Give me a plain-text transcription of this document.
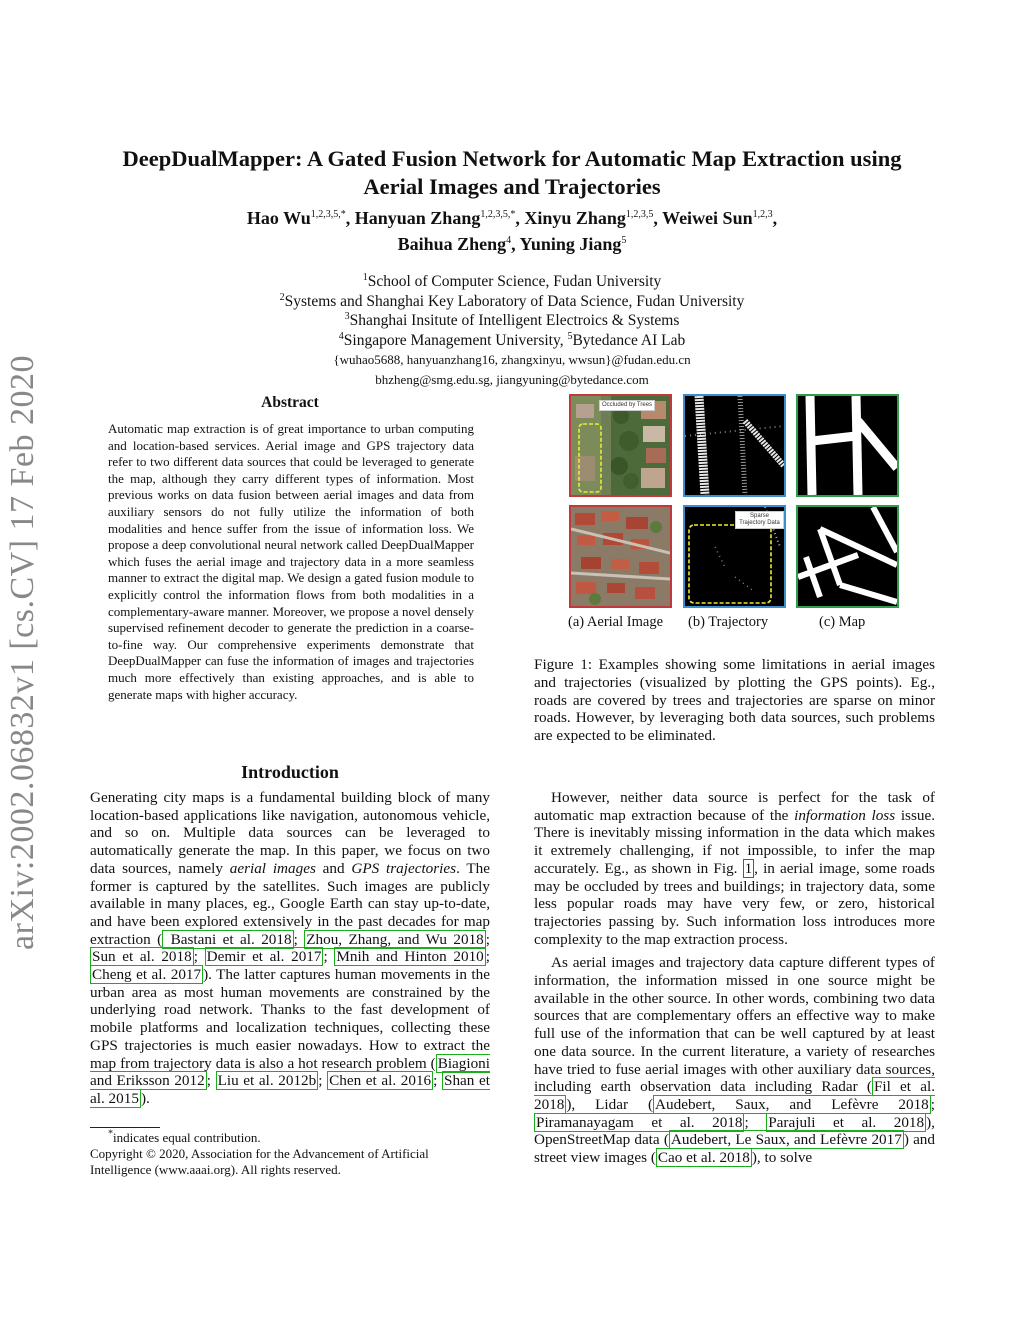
arXiv:2002.06832v1 [cs.CV] 17 Feb 2020
DeepDualMapper: A Gated Fusion Network for Automatic Map Extraction using
Aerial Images and Trajectories
Hao $Wu^{1,2,3,5,*}$, Hanyuan Zhang$^{1,2,3,5,*}$, Xinyu Zhang$^{1,2,3,5}$, Weiwei Sun$^{1,2,3}$,
Baihua Zheng$^4$, Yuning Jiang$^5$
$^1$School of Computer Science, Fudan University
$^2$Systems and Shanghai Key Laboratory of Data Science, Fudan University
$^3$Shanghai Insitute of Intelligent Electroics & Systems
$^4$Singapore Management University, $^5$Bytedance AI Lab
{wuhao5688, hanyuanzhang16, zhangxinyu, wwsun}@fudan.edu.cn
bhzheng@smg.edu.sg, jiangyuning@bytedance.com
Abstract
Automatic map extraction is of great importance to urban computing and location-based services. Aerial image and GPS trajectory data refer to two different data sources that could be leveraged to generate the map, although they carry different types of information. Most previous works on data fusion between aerial images and data from auxiliary sensors do not fully utilize the information of both modalities and hence suffer from the issue of information loss. We propose a deep convolutional neural network called DeepDualMapper which fuses the aerial image and trajectory data in a more seamless manner to extract the digital map. We design a gated fusion module to explicitly control the information flows from both modalities in a complementary-aware manner. Moreover, we propose a novel densely supervised refinement decoder to generate the prediction in a coarse-to-fine way. Our comprehensive experiments demonstrate that DeepDualMapper can fuse the information of images and trajectories much more effectively than existing approaches, and is able to generate maps with higher accuracy.
Introduction
Generating city maps is a fundamental building block of many location-based applications like navigation, autonomous vehicle, and so on. Multiple data sources can be leveraged to automatically generate the map. In this paper, we focus on two data sources, namely aerial images and GPS trajectories. The former is captured by the satellites. Such images are publicly available in many places, eg., Google Earth can stay up-to-date, and have been explored extensively in the past decades for map extraction ( Bastani et al. 2018 ; Zhou, Zhang, and Wu 2018 ; Sun et al. 2018 ; Demir et al. 2017 ; Mnih and Hinton 2010 ; Cheng et al. 2017 ). The latter captures human movements in the urban area as most human movements are constrained by the underlying road network. Thanks to the fast development of mobile platforms and localization techniques, collecting these GPS trajectories is much easier nowadays. How to extract the map from trajectory data is also a hot research problem ( Biagioni and Eriksson 2012 ; Liu et al. 2012b ; Chen et al. 2016 ; Shan et al. 2015 ).
*indicates equal contribution.
Copyright © 2020, Association for the Advancement of Artificial Intelligence (www.aaai.org). All rights reserved.
Occluded by Trees
Sparse Trajectory Data
(a) Aerial Image (b) Trajectory	(c) Map
Figure 1: Examples showing some limitations in aerial images and trajectories (visualized by plotting the GPS points). Eg., roads are covered by trees and trajectories are sparse on minor roads. However, by leveraging both data sources, such problems are expected to be eliminated.

However, neither data source is perfect for the task of automatic map extraction because of the information loss issue. There is inevitably missing information in the data which makes it extremely challenging, if not impossible, to infer the map accurately. Eg., as shown in Fig. 1 , in aerial image, some roads may be occluded by trees and buildings; in trajectory data, some less popular roads may have very few, or zero, historical trajectories passing by. Such information loss introduces more complexity to the map extraction process.

As aerial images and trajectory data capture different types of information, the information missed in one source might be available in the other source. In other words, combining two data sources that are complementary offers an effective way to make full use of the information that can be well captured by at least one data source. In the current literature, a variety of researches have tried to fuse aerial images with other auxiliary data sources, including earth observation data including Radar ( Fil et al. 2018 ), Lidar ( Audebert, Saux, and Lefèvre 2018 ; Piramanayagam et al. 2018 ; Parajuli et al. 2018 ), OpenStreetMap data ( Audebert, Le Saux, and Lefèvre 2017 ) and street view images ( Cao et al. 2018 ), to solve
